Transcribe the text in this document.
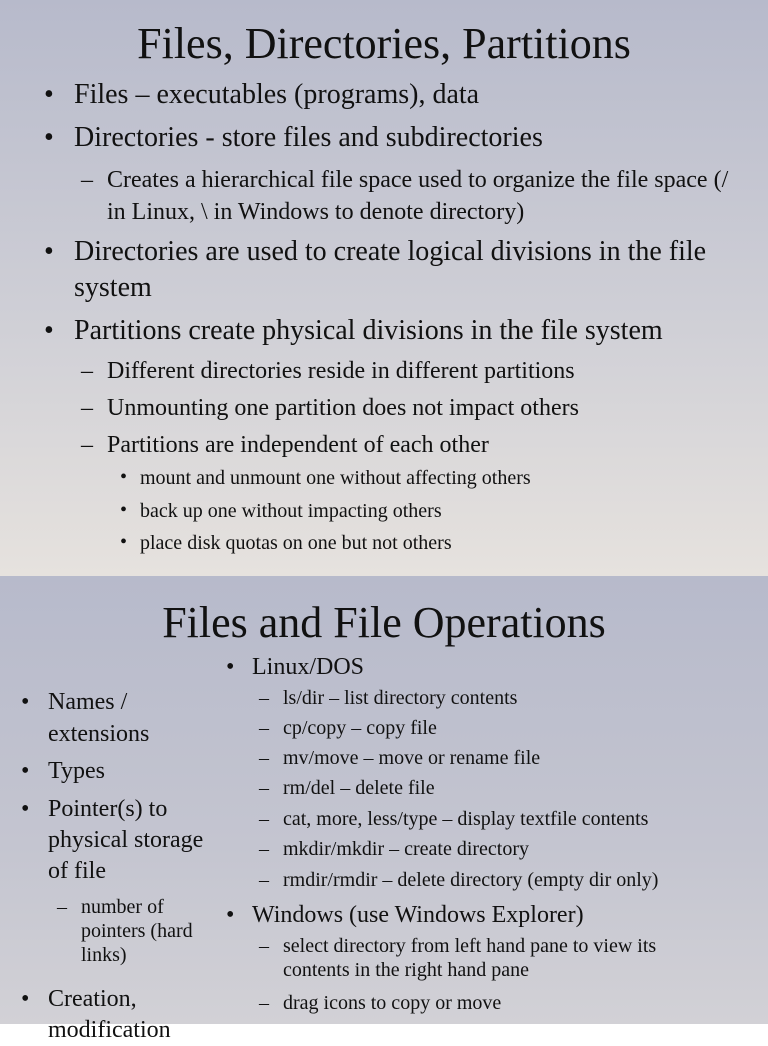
Files, Directories, Partitions
• Files – executables (programs), data
• Directories - store files and subdirectories
– Creates a hierarchical file space used to organize the file space (/ in Linux, \ in Windows to denote directory)
• Directories are used to create logical divisions in the file system
• Partitions create physical divisions in the file system
– Different directories reside in different partitions
– Unmounting one partition does not impact others
– Partitions are independent of each other
• mount and unmount one without affecting others
• back up one without impacting others
• place disk quotas on one but not others
Files and File Operations
• Names / extensions
• Types
• Pointer(s) to physical storage of file
– number of pointers (hard links)
• Creation, modification
• Linux/DOS
– ls/dir – list directory contents
– cp/copy – copy file
– mv/move – move or rename file
– rm/del – delete file
– cat, more, less/type – display textfile contents
– mkdir/mkdir – create directory
– rmdir/rmdir – delete directory (empty dir only)
• Windows (use Windows Explorer)
– select directory from left hand pane to view its contents in the right hand pane
– drag icons to copy or move
